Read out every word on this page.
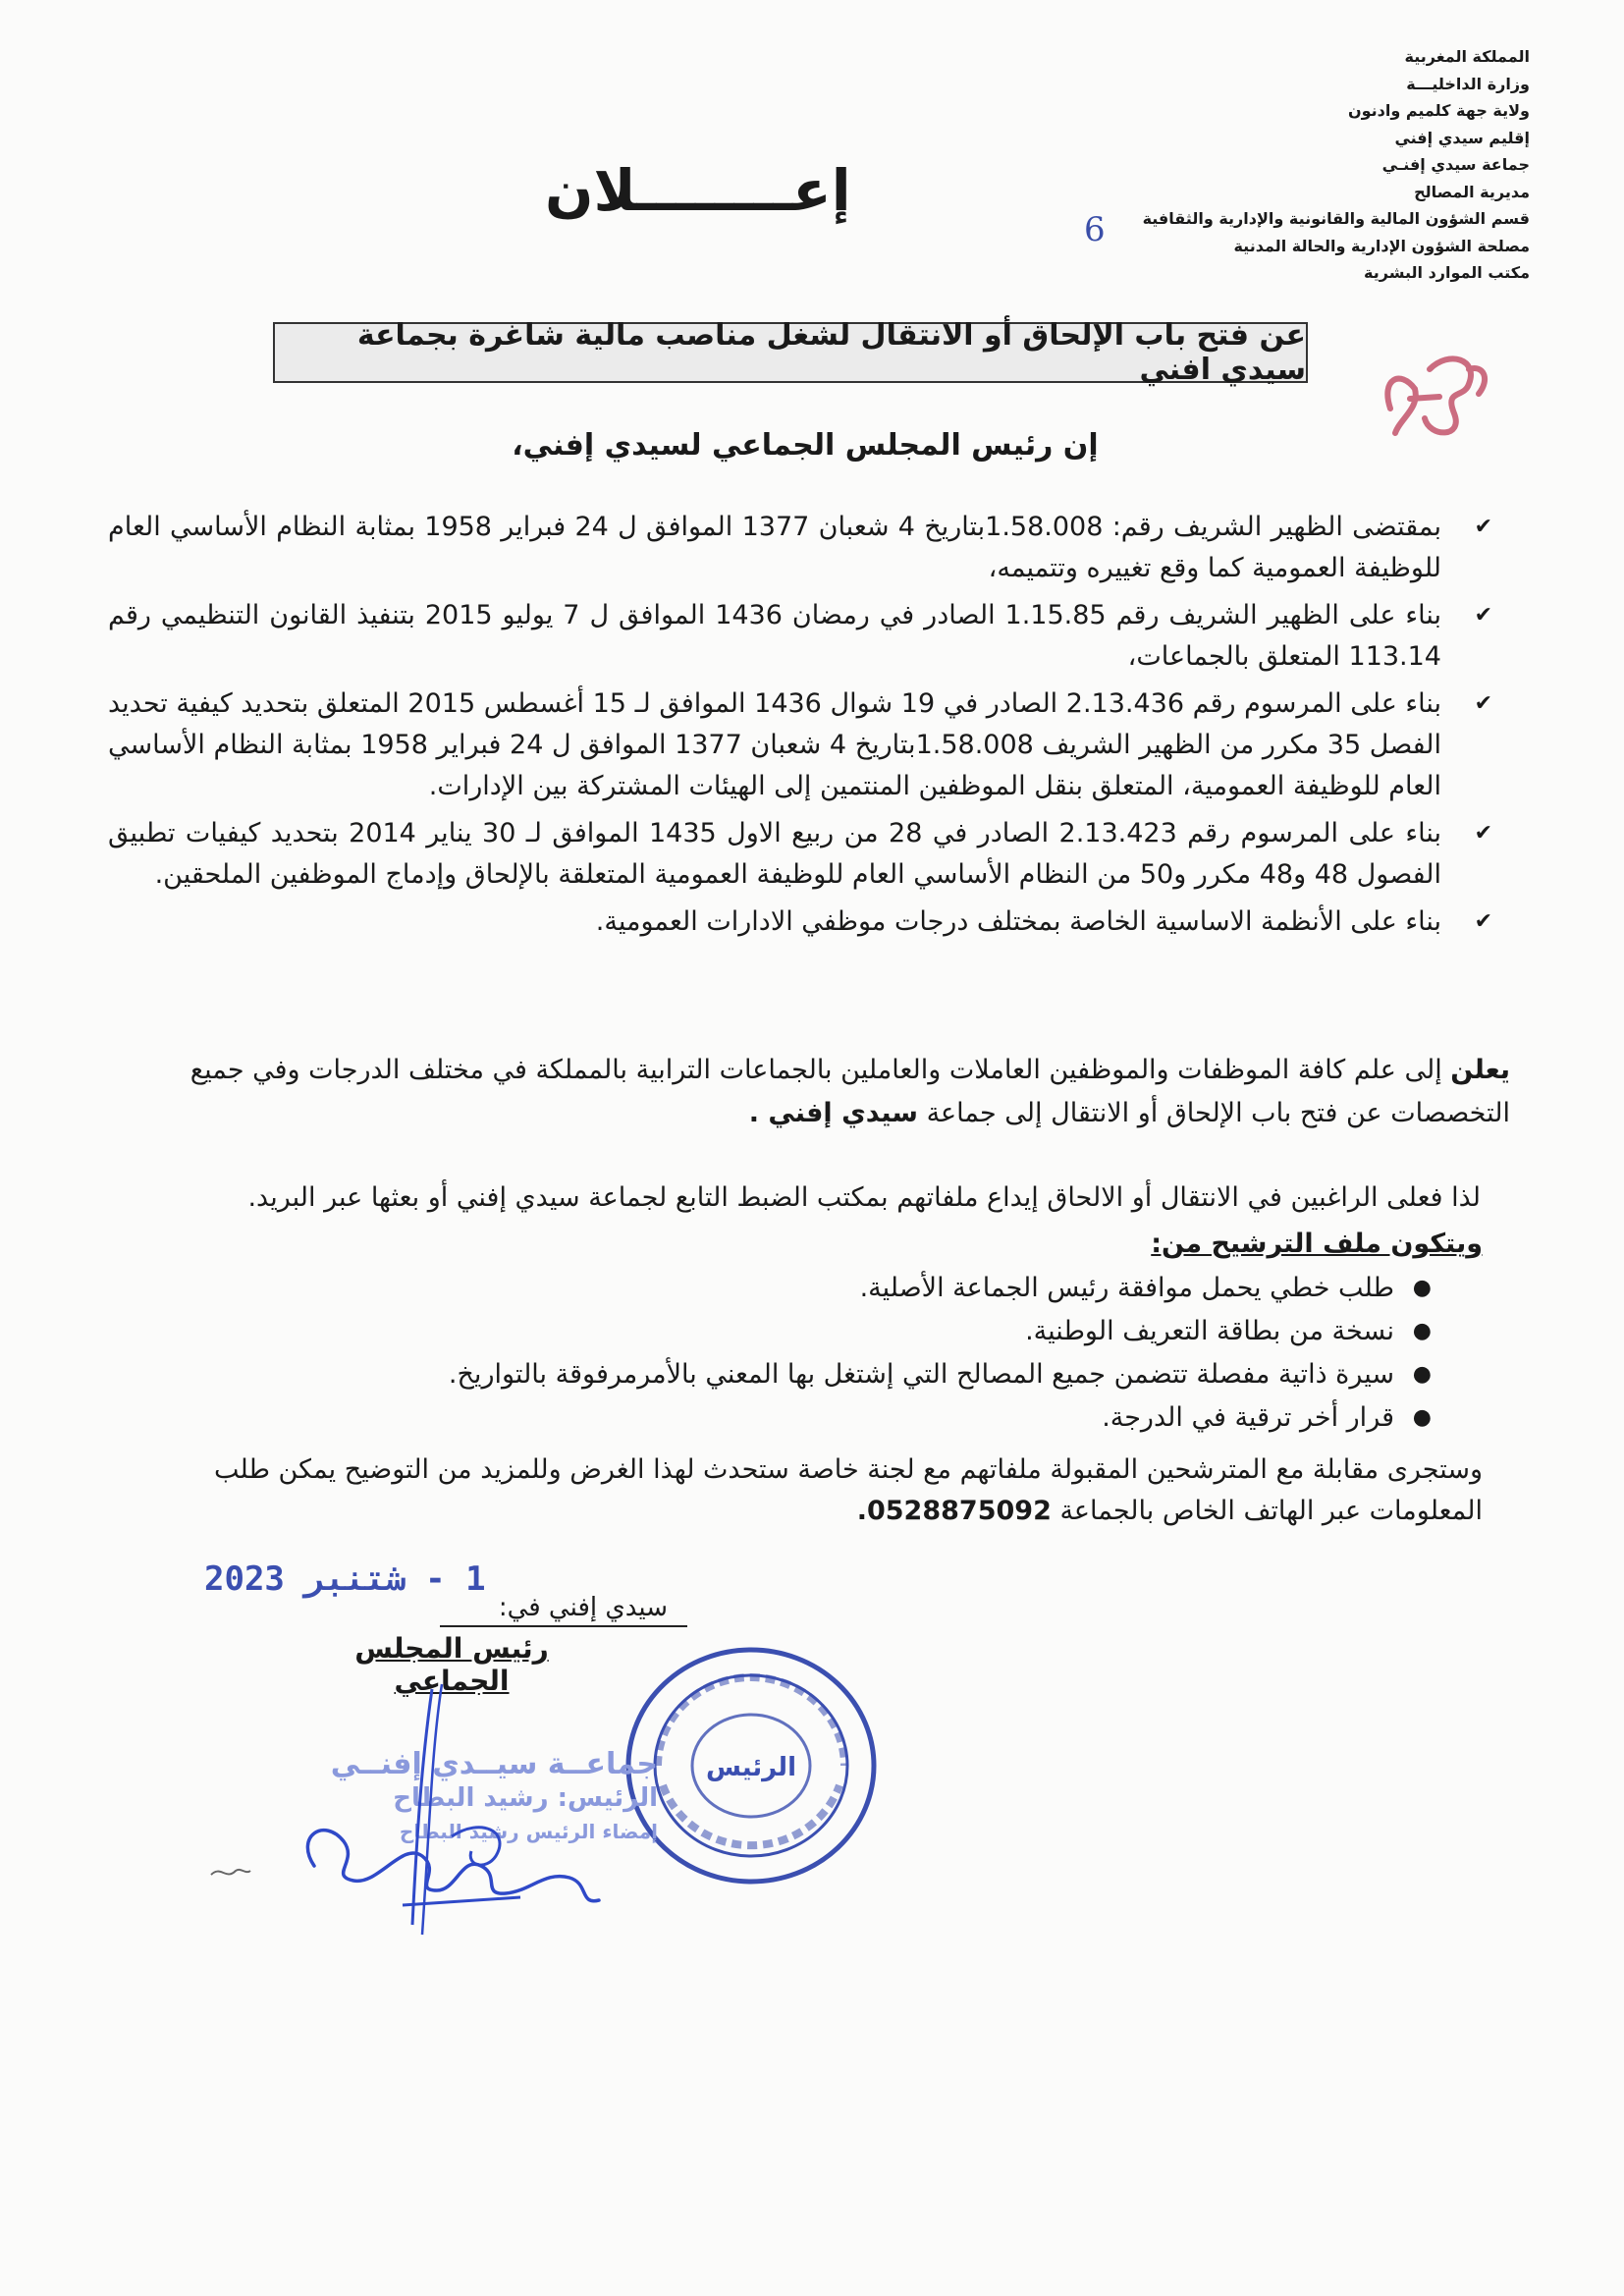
المملكة المغربية
وزارة الداخليـــة
ولاية جهة كلميم وادنون
إقليم سيدي إفني
جماعة سيدي إفنـي
مديرية المصالح
قسم الشؤون المالية والقانونية والإدارية والثقافية
مصلحة الشؤون الإدارية والحالة المدنية
مكتب الموارد البشرية
إعــــــــلان
6
عن فتح باب الإلحاق أو الانتقال لشغل مناصب مالية شاغرة بجماعة سيدي افني
إن رئيس المجلس الجماعي لسيدي إفني،
✔
بمقتضى الظهير الشريف رقم: 1.58.008بتاريخ 4 شعبان 1377 الموافق ل 24 فبراير 1958 بمثابة النظام الأساسي العام للوظيفة العمومية كما وقع تغييره وتتميمه،
✔
بناء على الظهير الشريف رقم 1.15.85 الصادر في رمضان 1436 الموافق ل 7 يوليو 2015 بتنفيذ القانون التنظيمي رقم 113.14 المتعلق بالجماعات،
✔
بناء على المرسوم رقم 2.13.436 الصادر في 19 شوال 1436 الموافق لـ 15 أغسطس 2015 المتعلق بتحديد كيفية تحديد الفصل 35 مكرر من الظهير الشريف 1.58.008بتاريخ 4 شعبان 1377 الموافق ل 24 فبراير 1958 بمثابة النظام الأساسي العام للوظيفة العمومية، المتعلق بنقل الموظفين المنتمين إلى الهيئات المشتركة بين الإدارات.
✔
بناء على المرسوم رقم 2.13.423 الصادر في 28 من ربيع الاول 1435 الموافق لـ 30 يناير 2014 بتحديد كيفيات تطبيق الفصول 48 و48 مكرر و50 من النظام الأساسي العام للوظيفة العمومية المتعلقة بالإلحاق وإدماج الموظفين الملحقين.
✔
بناء على الأنظمة الاساسية الخاصة بمختلف درجات موظفي الادارات العمومية.
يعلن إلى علم كافة الموظفات والموظفين العاملات والعاملين بالجماعات الترابية بالمملكة في مختلف الدرجات وفي جميع التخصصات عن فتح باب الإلحاق أو الانتقال إلى جماعة سيدي إفني .
لذا فعلى الراغبين في الانتقال أو الالحاق إيداع ملفاتهم بمكتب الضبط التابع لجماعة سيدي إفني أو بعثها عبر البريد.
ويتكون ملف الترشيح من:
●
طلب خطي يحمل موافقة رئيس الجماعة الأصلية.
●
نسخة من بطاقة التعريف الوطنية.
●
سيرة ذاتية مفصلة تتضمن جميع المصالح التي إشتغل بها المعني بالأمرمرفوقة بالتواريخ.
●
قرار أخر ترقية في الدرجة.
وستجرى مقابلة مع المترشحين المقبولة ملفاتهم مع لجنة خاصة ستحدث لهذا الغرض وللمزيد من التوضيح يمكن طلب المعلومات عبر الهاتف الخاص بالجماعة 0528875092.
1 - شتنبر 2023
سيدي إفني في:
رئيس المجلس الجماعي
الرئيس
جماعــة سيــدي إفنــي
الرئيس: رشيد البطاح
إمضاء الرئيس رشيد البطاح
